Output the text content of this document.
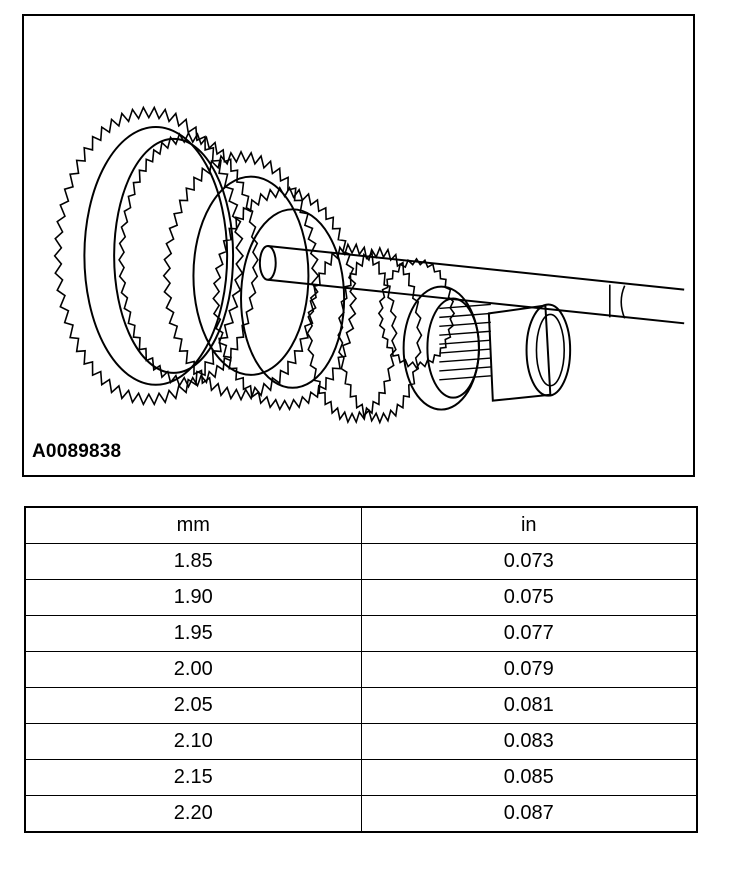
A0089838
mm	in
1.85	0.073
1.90	0.075
1.95	0.077
2.00	0.079
2.05	0.081
2.10	0.083
2.15	0.085
2.20	0.087
